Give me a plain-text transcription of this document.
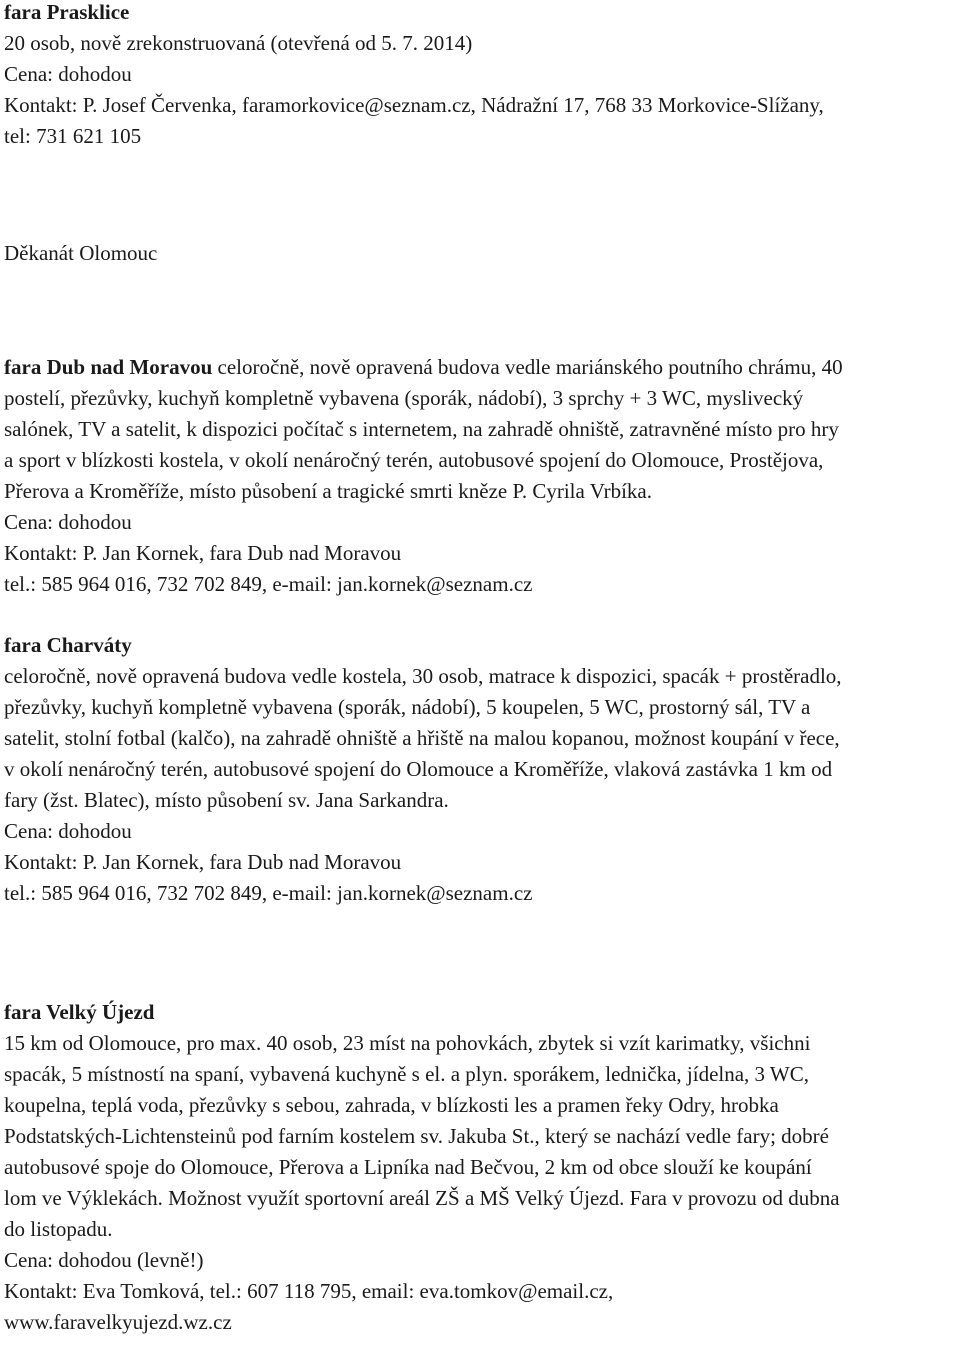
fara Prasklice
20 osob, nově zrekonstruovaná (otevřená od 5. 7. 2014)
Cena: dohodou
Kontakt: P. Josef Červenka, faramorkovice@seznam.cz, Nádražní 17, 768 33 Morkovice-Slížany,
tel: 731 621 105
Děkanát Olomouc
fara Dub nad Moravou celoročně, nově opravená budova vedle mariánského poutního chrámu, 40
postelí, přezůvky, kuchyň kompletně vybavena (sporák, nádobí), 3 sprchy + 3 WC, myslivecký
salónek, TV a satelit, k dispozici počítač s internetem, na zahradě ohniště, zatravněné místo pro hry
a sport v blízkosti kostela, v okolí nenáročný terén, autobusové spojení do Olomouce, Prostějova,
Přerova a Kroměříže, místo působení a tragické smrti kněze P. Cyrila Vrbíka.
Cena: dohodou
Kontakt: P. Jan Kornek, fara Dub nad Moravou
tel.: 585 964 016, 732 702 849, e-mail: jan.kornek@seznam.cz
fara Charváty
celoročně, nově opravená budova vedle kostela, 30 osob, matrace k dispozici, spacák + prostěradlo,
přezůvky, kuchyň kompletně vybavena (sporák, nádobí), 5 koupelen, 5 WC, prostorný sál, TV a
satelit, stolní fotbal (kalčo), na zahradě ohniště a hřiště na malou kopanou, možnost koupání v řece,
v okolí nenáročný terén, autobusové spojení do Olomouce a Kroměříže, vlaková zastávka 1 km od
fary (žst. Blatec), místo působení sv. Jana Sarkandra.
Cena: dohodou
Kontakt: P. Jan Kornek, fara Dub nad Moravou
tel.: 585 964 016, 732 702 849, e-mail: jan.kornek@seznam.cz
fara Velký Újezd
15 km od Olomouce, pro max. 40 osob, 23 míst na pohovkách, zbytek si vzít karimatky, všichni
spacák, 5 místností na spaní, vybavená kuchyně s el. a plyn. sporákem, lednička, jídelna, 3 WC,
koupelna, teplá voda, přezůvky s sebou, zahrada, v blízkosti les a pramen řeky Odry, hrobka
Podstatských-Lichtensteinů pod farním kostelem sv. Jakuba St., který se nachází vedle fary; dobré
autobusové spoje do Olomouce, Přerova a Lipníka nad Bečvou, 2 km od obce slouží ke koupání
lom ve Výklekách. Možnost využít sportovní areál ZŠ a MŠ Velký Újezd. Fara v provozu od dubna
do listopadu.
Cena: dohodou (levně!)
Kontakt: Eva Tomková, tel.: 607 118 795, email: eva.tomkov@email.cz,
www.faravelkyujezd.wz.cz
